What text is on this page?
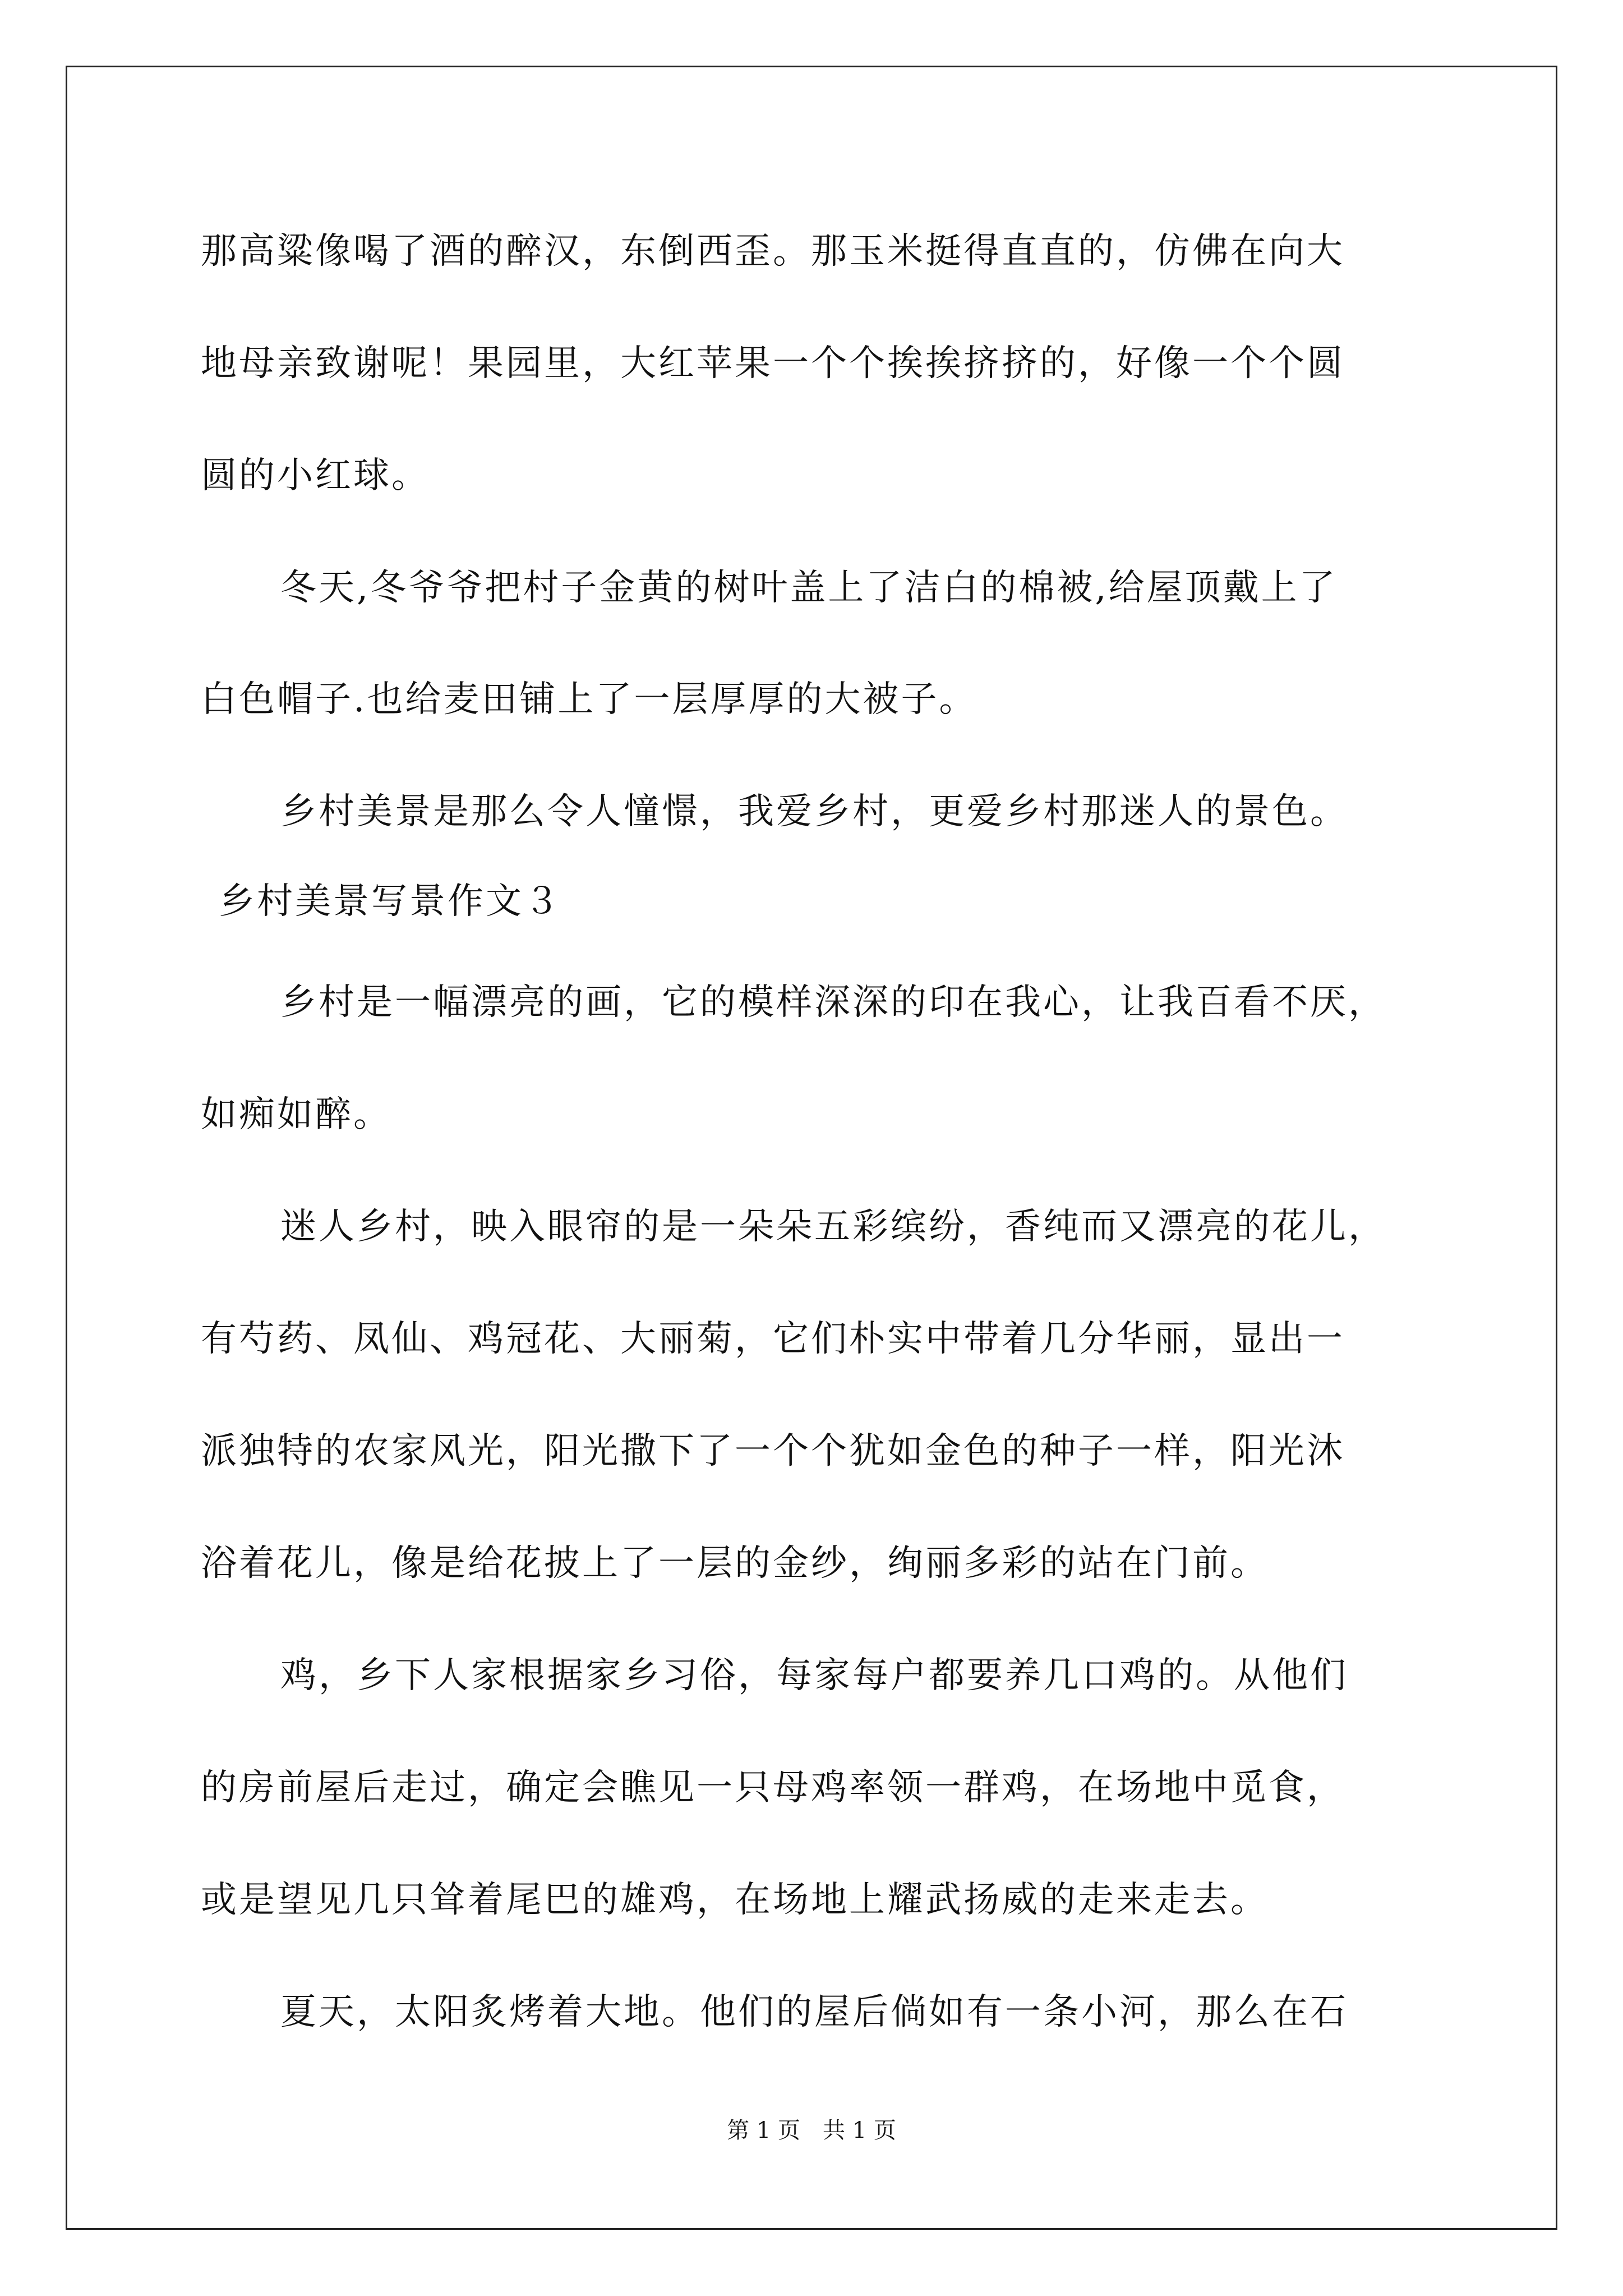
那高粱像喝了酒的醉汉，东倒西歪。那玉米挺得直直的，仿佛在向大
地母亲致谢呢！果园里，大红苹果一个个挨挨挤挤的，好像一个个圆
圆的小红球。
冬天,冬爷爷把村子金黄的树叶盖上了洁白的棉被,给屋顶戴上了
白色帽子.也给麦田铺上了一层厚厚的大被子。
乡村美景是那么令人憧憬，我爱乡村，更爱乡村那迷人的景色。
乡村美景写景作文３
乡村是一幅漂亮的画，它的模样深深的印在我心，让我百看不厌，
如痴如醉。
迷人乡村，映入眼帘的是一朵朵五彩缤纷，香纯而又漂亮的花儿，
有芍药、凤仙、鸡冠花、大丽菊，它们朴实中带着几分华丽，显出一
派独特的农家风光，阳光撒下了一个个犹如金色的种子一样，阳光沐
浴着花儿，像是给花披上了一层的金纱，绚丽多彩的站在门前。
鸡，乡下人家根据家乡习俗，每家每户都要养几口鸡的。从他们
的房前屋后走过，确定会瞧见一只母鸡率领一群鸡，在场地中觅食，
或是望见几只耸着尾巴的雄鸡，在场地上耀武扬威的走来走去。
夏天，太阳炙烤着大地。他们的屋后倘如有一条小河，那么在石
第 1 页　共 1 页
